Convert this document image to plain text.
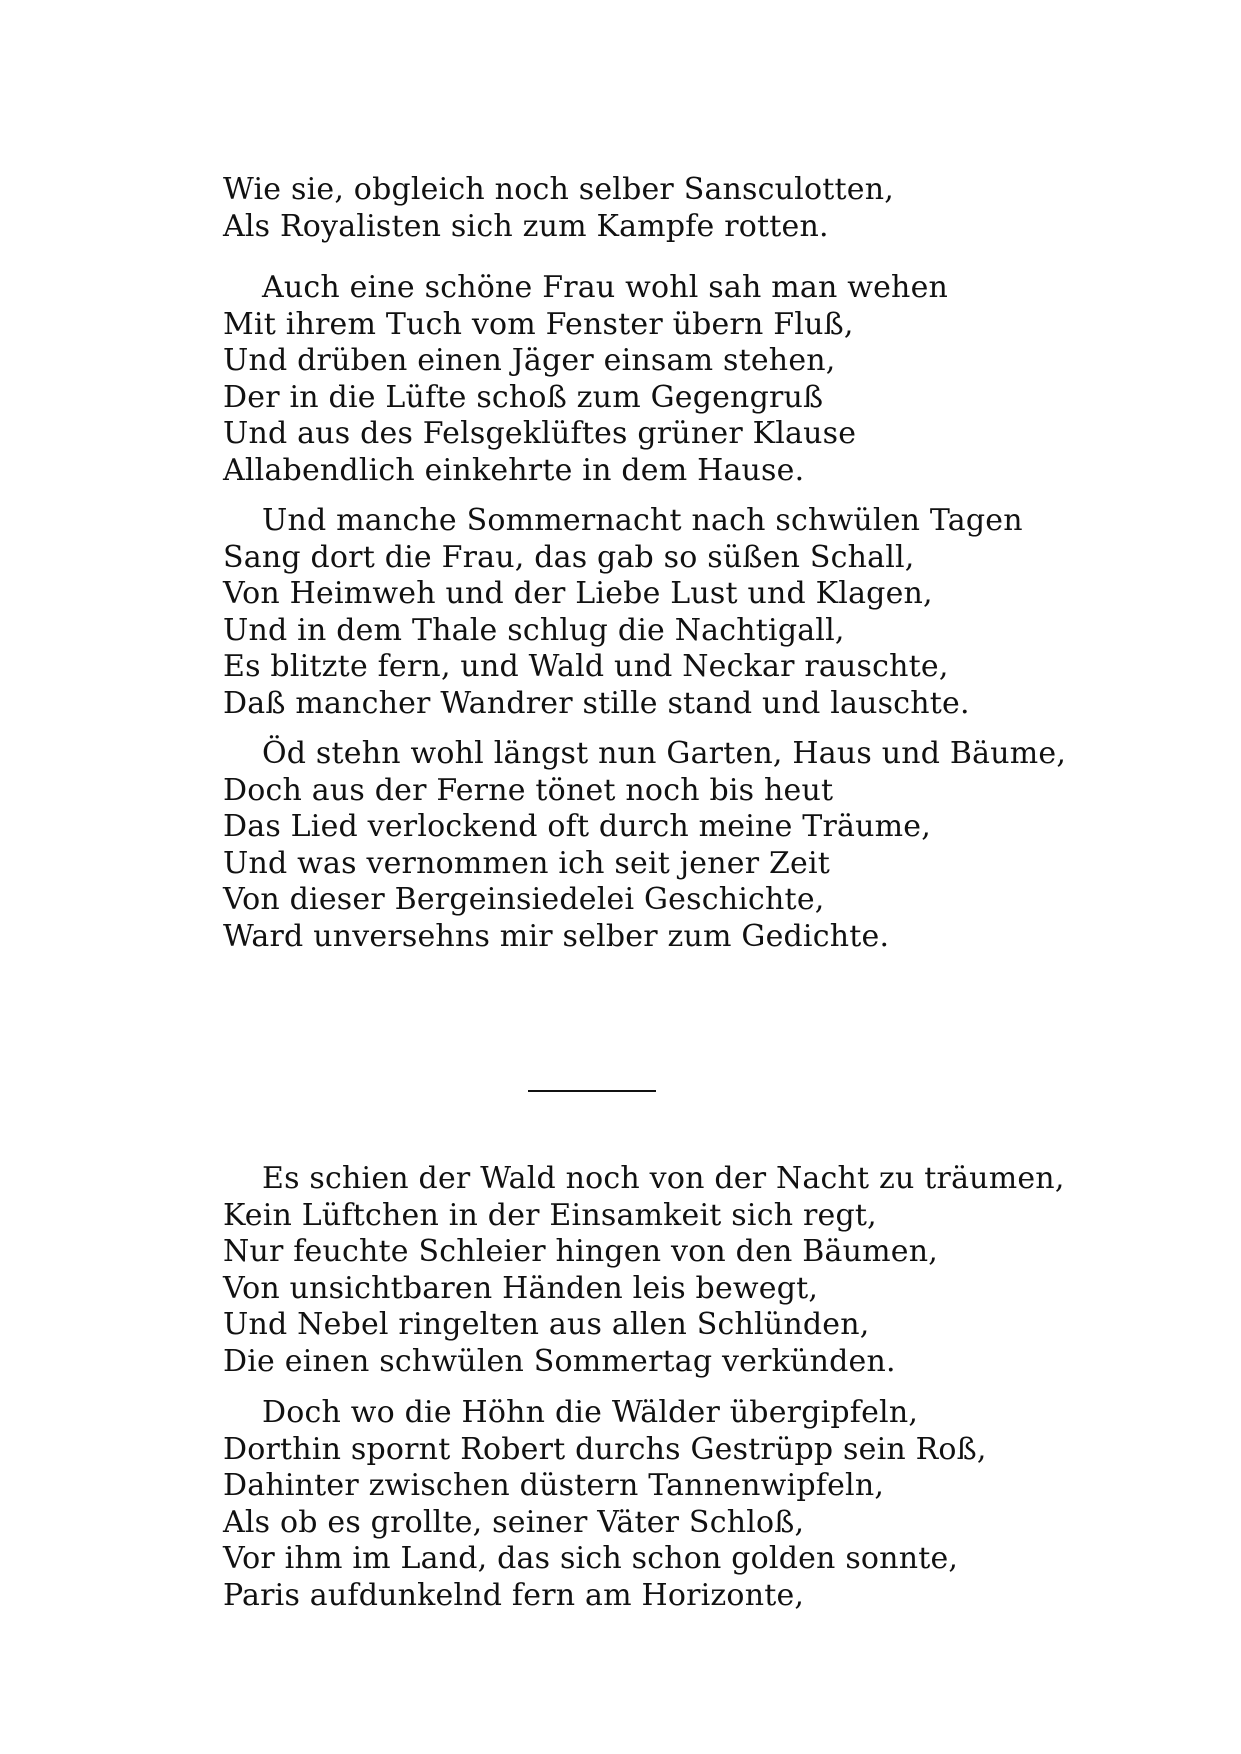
Wie sie, obgleich noch selber Sansculotten,
Als Royalisten sich zum Kampfe rotten.
Auch eine schöne Frau wohl sah man wehen
Mit ihrem Tuch vom Fenster übern Fluß,
Und drüben einen Jäger einsam stehen,
Der in die Lüfte schoß zum Gegengruß
Und aus des Felsgeklüftes grüner Klause
Allabendlich einkehrte in dem Hause.
Und manche Sommernacht nach schwülen Tagen
Sang dort die Frau, das gab so süßen Schall,
Von Heimweh und der Liebe Lust und Klagen,
Und in dem Thale schlug die Nachtigall,
Es blitzte fern, und Wald und Neckar rauschte,
Daß mancher Wandrer stille stand und lauschte.
Öd stehn wohl längst nun Garten, Haus und Bäume,
Doch aus der Ferne tönet noch bis heut
Das Lied verlockend oft durch meine Träume,
Und was vernommen ich seit jener Zeit
Von dieser Bergeinsiedelei Geschichte,
Ward unversehns mir selber zum Gedichte.
Es schien der Wald noch von der Nacht zu träumen,
Kein Lüftchen in der Einsamkeit sich regt,
Nur feuchte Schleier hingen von den Bäumen,
Von unsichtbaren Händen leis bewegt,
Und Nebel ringelten aus allen Schlünden,
Die einen schwülen Sommertag verkünden.
Doch wo die Höhn die Wälder übergipfeln,
Dorthin spornt Robert durchs Gestrüpp sein Roß,
Dahinter zwischen düstern Tannenwipfeln,
Als ob es grollte, seiner Väter Schloß,
Vor ihm im Land, das sich schon golden sonnte,
Paris aufdunkelnd fern am Horizonte,
